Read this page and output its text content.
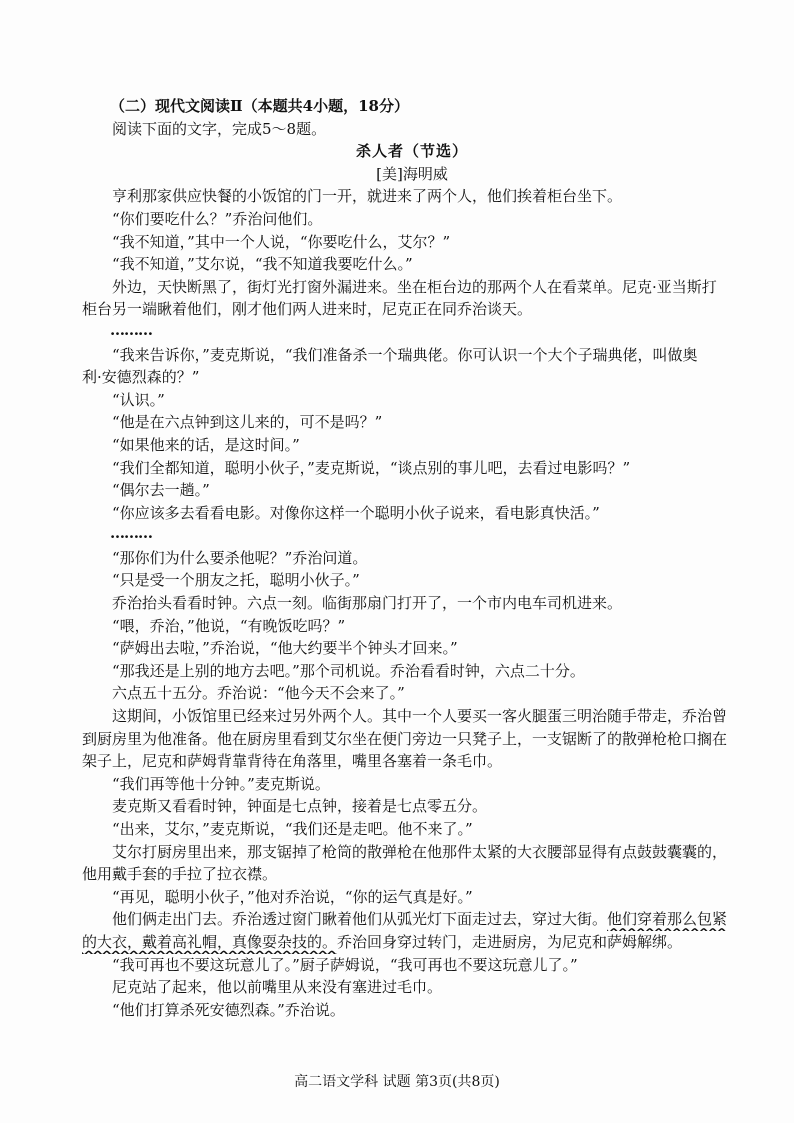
（二）现代文阅读Ⅱ（本题共4小题，18分）
阅读下面的文字，完成5～8题。
杀人者（节选）
[美]海明威
亨利那家供应快餐的小饭馆的门一开，就进来了两个人，他们挨着柜台坐下。
“你们要吃什么？”乔治问他们。
“我不知道，”其中一个人说，“你要吃什么，艾尔？”
“我不知道，”艾尔说，“我不知道我要吃什么。”
外边，天快断黑了，街灯光打窗外漏进来。坐在柜台边的那两个人在看菜单。尼克·亚当斯打
柜台另一端瞅着他们，刚才他们两人进来时，尼克正在同乔治谈天。
………
“我来告诉你，”麦克斯说，“我们准备杀一个瑞典佬。你可认识一个大个子瑞典佬，叫做奥
利·安德烈森的？”
“认识。”
“他是在六点钟到这儿来的，可不是吗？”
“如果他来的话，是这时间。”
“我们全都知道，聪明小伙子，”麦克斯说，“谈点别的事儿吧，去看过电影吗？”
“偶尔去一趟。”
“你应该多去看看电影。对像你这样一个聪明小伙子说来，看电影真快活。”
………
“那你们为什么要杀他呢？”乔治问道。
“只是受一个朋友之托，聪明小伙子。”
乔治抬头看看时钟。六点一刻。临街那扇门打开了，一个市内电车司机进来。
“喂，乔治，”他说，“有晚饭吃吗？”
“萨姆出去啦，”乔治说，“他大约要半个钟头才回来。”
“那我还是上别的地方去吧。”那个司机说。乔治看看时钟，六点二十分。
六点五十五分。乔治说：“他今天不会来了。”
这期间，小饭馆里已经来过另外两个人。其中一个人要买一客火腿蛋三明治随手带走，乔治曾
到厨房里为他准备。他在厨房里看到艾尔坐在便门旁边一只凳子上，一支锯断了的散弹枪枪口搁在
架子上，尼克和萨姆背靠背待在角落里，嘴里各塞着一条毛巾。
“我们再等他十分钟。”麦克斯说。
麦克斯又看看时钟，钟面是七点钟，接着是七点零五分。
“出来，艾尔，”麦克斯说，“我们还是走吧。他不来了。”
艾尔打厨房里出来，那支锯掉了枪筒的散弹枪在他那件太紧的大衣腰部显得有点鼓鼓囊囊的，
他用戴手套的手拉了拉衣襟。
“再见，聪明小伙子，”他对乔治说，“你的运气真是好。”
他们俩走出门去。乔治透过窗门瞅着他们从弧光灯下面走过去，穿过大街。他们穿着那么包紧
的大衣，戴着高礼帽，真像耍杂技的。乔治回身穿过转门，走进厨房，为尼克和萨姆解绑。
“我可再也不要这玩意儿了。”厨子萨姆说，“我可再也不要这玩意儿了。”
尼克站了起来，他以前嘴里从来没有塞进过毛巾。
“他们打算杀死安德烈森。”乔治说。
高二语文学科 试题 第3页(共8页)
